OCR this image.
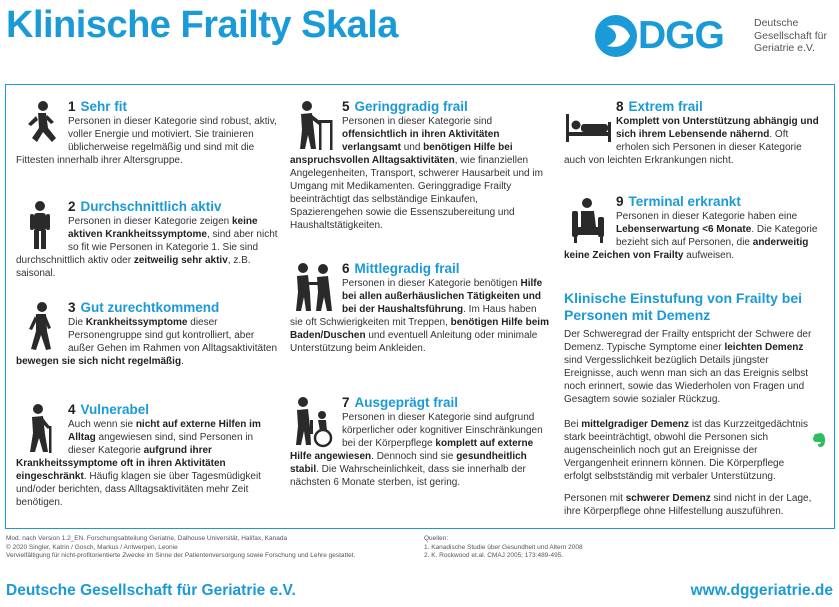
Klinische Frailty Skala	DGG	Deutsche
Gesellschaft für
Geriatrie e.V.
1 Sehr fit

Personen in dieser Kategorie sind robust, aktiv, voller Energie und motiviert. Sie trainieren üblicherweise regelmäßig und sind mit die Fittesten innerhalb ihrer Altersgruppe.

2 Durchschnittlich aktiv

Personen in dieser Kategorie zeigen keine aktiven Krankheitssymptome, sind aber nicht so fit wie Personen in Kategorie 1. Sie sind durchschnittlich aktiv oder zeitweilig sehr aktiv, z.B. saisonal.

3 Gut zurechtkommend

Die Krankheitssymptome dieser Personengruppe sind gut kontrolliert, aber außer Gehen im Rahmen von Alltagsaktivitäten bewegen sie sich nicht regelmäßig.

4 Vulnerabel

Auch wenn sie nicht auf externe Hilfen im Alltag angewiesen sind, sind Personen in dieser Kategorie aufgrund ihrer Krankheitssymptome oft in ihren Aktivitäten eingeschränkt. Häufig klagen sie über Tagesmüdigkeit und/oder berichten, dass Alltagsaktivitäten mehr Zeit benötigen.

5 Geringgradig frail

Personen in dieser Kategorie sind offensichtlich in ihren Aktivitäten verlangsamt und benötigen Hilfe bei anspruchsvollen Alltagsaktivitäten, wie finanziellen Angelegenheiten, Transport, schwerer Hausarbeit und im Umgang mit Medikamenten. Geringgradige Frailty beeinträchtigt das selbständige Einkaufen, Spazierengehen sowie die Essenszubereitung und Haushaltstätigkeiten.

6 Mittlegradig frail

Personen in dieser Kategorie benötigen Hilfe bei allen außerhäuslichen Tätigkeiten und bei der Haushaltsführung. Im Haus haben sie oft Schwierigkeiten mit Treppen, benötigen Hilfe beim Baden/Duschen und eventuell Anleitung oder minimale Unterstützung beim Ankleiden.

7 Ausgeprägt frail

Personen in dieser Kategorie sind aufgrund körperlicher oder kognitiver Einschränkungen bei der Körperpflege komplett auf externe Hilfe angewiesen. Dennoch sind sie gesundheitlich stabil. Die Wahrscheinlichkeit, dass sie innerhalb der nächsten 6 Monate sterben, ist gering.

8 Extrem frail

Komplett von Unterstützung abhängig und sich ihrem Lebensende nähernd. Oft erholen sich Personen in dieser Kategorie auch von leichten Erkrankungen nicht.

9 Terminal erkrankt

Personen in dieser Kategorie haben eine Lebenserwartung <6 Monate. Die Kategorie bezieht sich auf Personen, die anderweitig keine Zeichen von Frailty aufweisen.

Klinische Einstufung von Frailty bei Personen mit Demenz

Der Schweregrad der Frailty entspricht der Schwere der Demenz. Typische Symptome einer leichten Demenz sind Vergesslichkeit bezüglich Details jüngster Ereignisse, auch wenn man sich an das Ereignis selbst noch erinnert, sowie das Wiederholen von Fragen und Gesagtem sowie sozialer Rückzug.

Bei mittelgradiger Demenz ist das Kurzzeitgedächtnis stark beeinträchtigt, obwohl die Personen sich augenscheinlich noch gut an Ereignisse der Vergangenheit erinnern können. Die Körperpflege erfolgt selbstständig mit verbaler Unterstützung.

Personen mit schwerer Demenz sind nicht in der Lage, ihre Körperpflege ohne Hilfestellung auszuführen.

Mod. nach Version 1.2_EN. Forschungsabteilung Geriatrie, Dalhouse Universität, Halifax, Kanada
© 2020 Singler, Katrin / Gosch, Markus / Antwerpen, Leonie
Vervielfältigung für nicht-profitorientierte Zwecke im Sinne der Patientenversorgung sowie Forschung und Lehre gestattet.
Quellen:
1. Kanadische Studie über Gesundheit und Altern 2008
2. K. Rockwood et.al. CMAJ 2005; 173:489-495.
Deutsche Gesellschaft für Geriatrie e.V.	www.dggeriatrie.de
